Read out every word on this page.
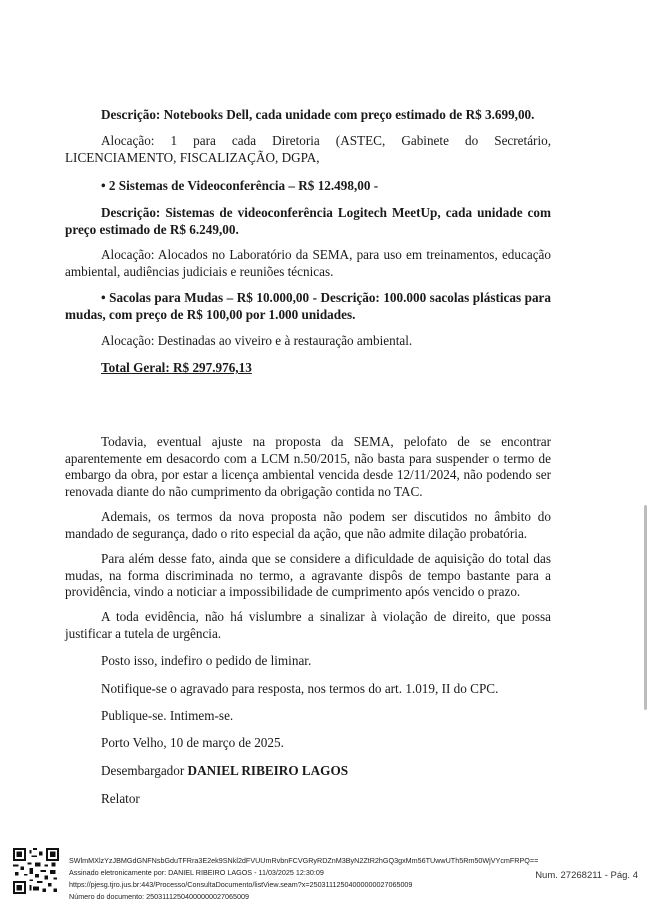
Descrição: Notebooks Dell, cada unidade com preço estimado de R$ 3.699,00.

Alocação: 1 para cada Diretoria (ASTEC, Gabinete do Secretário, LICENCIAMENTO, FISCALIZAÇÃO, DGPA,

• 2 Sistemas de Videoconferência – R$ 12.498,00 -

Descrição: Sistemas de videoconferência Logitech MeetUp, cada unidade com preço estimado de R$ 6.249,00.

Alocação: Alocados no Laboratório da SEMA, para uso em treinamentos, educação ambiental, audiências judiciais e reuniões técnicas.

• Sacolas para Mudas – R$ 10.000,00 - Descrição: 100.000 sacolas plásticas para mudas, com preço de R$ 100,00 por 1.000 unidades.

Alocação: Destinadas ao viveiro e à restauração ambiental.

Total Geral: R$ 297.976,13

Todavia, eventual ajuste na proposta da SEMA, pelofato de se encontrar aparentemente em desacordo com a LCM n.50/2015, não basta para suspender o termo de embargo da obra, por estar a licença ambiental vencida desde 12/11/2024, não podendo ser renovada diante do não cumprimento da obrigação contida no TAC.

Ademais, os termos da nova proposta não podem ser discutidos no âmbito do mandado de segurança, dado o rito especial da ação, que não admite dilação probatória.

Para além desse fato, ainda que se considere a dificuldade de aquisição do total das mudas, na forma discriminada no termo, a agravante dispôs de tempo bastante para a providência, vindo a noticiar a impossibilidade de cumprimento após vencido o prazo.

A toda evidência, não há vislumbre a sinalizar à violação de direito, que possa justificar a tutela de urgência.

Posto isso, indefiro o pedido de liminar.

Notifique-se o agravado para resposta, nos termos do art. 1.019, II do CPC.

Publique-se. Intimem-se.

Porto Velho, 10 de março de 2025.
Desembargador DANIEL RIBEIRO LAGOS
Relator
SWlmMXlzYzJBMGdGNFNsbGduTFRra3E2ek9SNkl2dFVUUmRvbnFCVGRyRDZnM3ByN2ZtR2hGQ3gxMm56TUwwUTh5Rm50WjVYcmFRPQ==
Assinado eletronicamente por: DANIEL RIBEIRO LAGOS - 11/03/2025 12:30:09
https://pjesg.tjro.jus.br:443/Processo/ConsultaDocumento/listView.seam?x=25031112504000000027065009
Número do documento: 25031112504000000027065009
Num. 27268211 - Pág. 4
